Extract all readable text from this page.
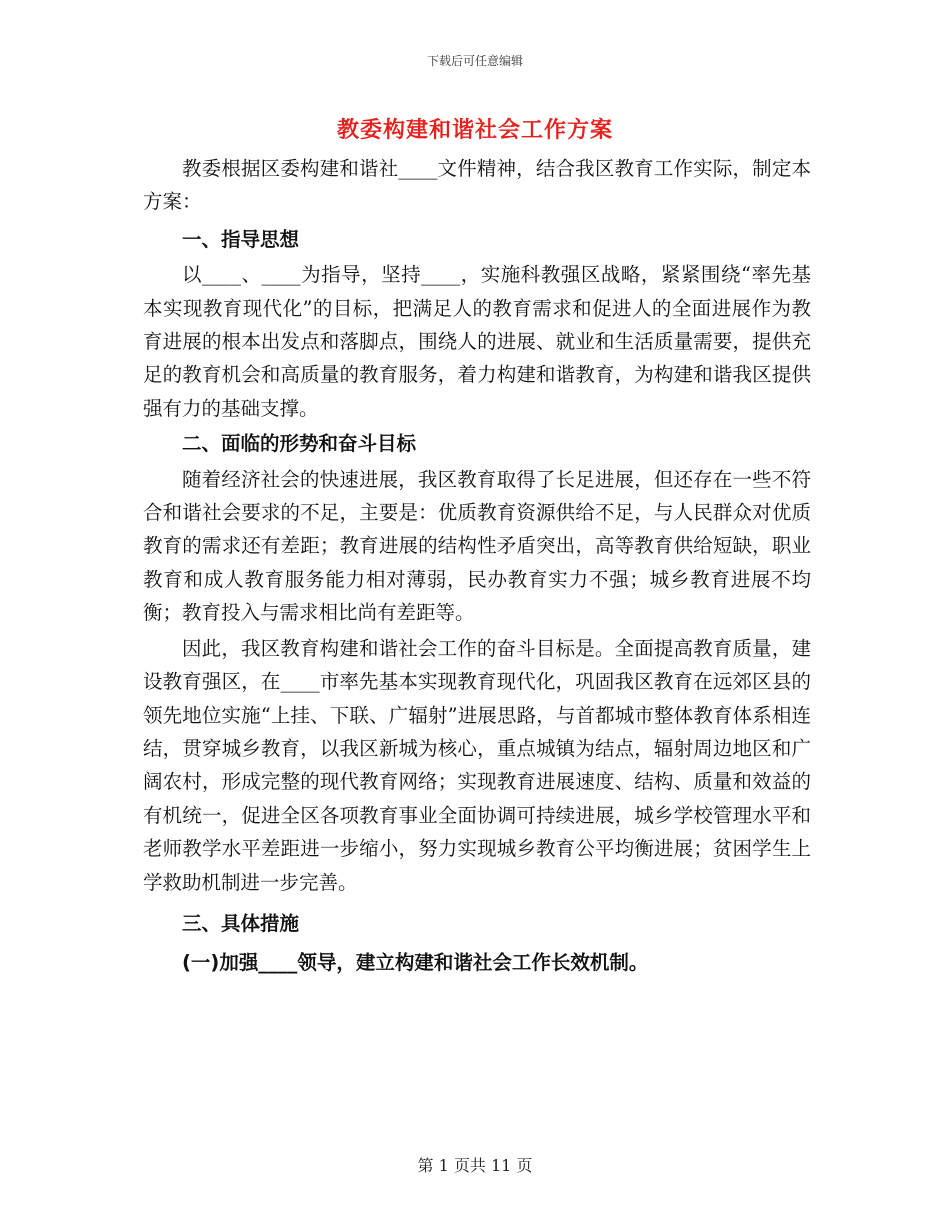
下载后可任意编辑
教委构建和谐社会工作方案

教委根据区委构建和谐社____文件精神，结合我区教育工作实际，制定本方案：

一、指导思想

以____、____为指导，坚持____，实施科教强区战略，紧紧围绕“率先基本实现教育现代化”的目标，把满足人的教育需求和促进人的全面进展作为教育进展的根本出发点和落脚点，围绕人的进展、就业和生活质量需要，提供充足的教育机会和高质量的教育服务，着力构建和谐教育，为构建和谐我区提供强有力的基础支撑。

二、面临的形势和奋斗目标

随着经济社会的快速进展，我区教育取得了长足进展，但还存在一些不符合和谐社会要求的不足，主要是：优质教育资源供给不足，与人民群众对优质教育的需求还有差距；教育进展的结构性矛盾突出，高等教育供给短缺，职业教育和成人教育服务能力相对薄弱，民办教育实力不强；城乡教育进展不均衡；教育投入与需求相比尚有差距等。

因此，我区教育构建和谐社会工作的奋斗目标是。全面提高教育质量，建设教育强区，在____市率先基本实现教育现代化，巩固我区教育在远郊区县的领先地位实施“上挂、下联、广辐射”进展思路，与首都城市整体教育体系相连结，贯穿城乡教育，以我区新城为核心，重点城镇为结点，辐射周边地区和广阔农村，形成完整的现代教育网络；实现教育进展速度、结构、质量和效益的有机统一，促进全区各项教育事业全面协调可持续进展，城乡学校管理水平和老师教学水平差距进一步缩小，努力实现城乡教育公平均衡进展；贫困学生上学救助机制进一步完善。

三、具体措施
(一)加强____领导，建立构建和谐社会工作长效机制。
第 1 页共 11 页
